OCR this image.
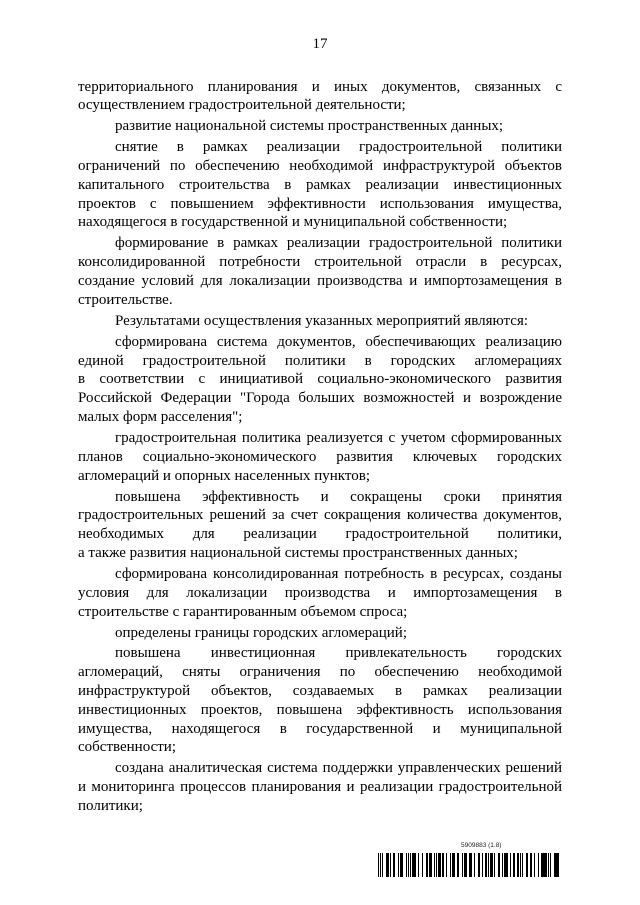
17
территориального планирования и иных документов, связанных с
осуществлением градостроительной деятельности;
развитие национальной системы пространственных данных;
снятие в рамках реализации градостроительной политики
ограничений по обеспечению необходимой инфраструктурой объектов
капитального строительства в рамках реализации инвестиционных
проектов с повышением эффективности использования имущества,
находящегося в государственной и муниципальной собственности;
формирование в рамках реализации градостроительной политики
консолидированной потребности строительной отрасли в ресурсах,
создание условий для локализации производства и импортозамещения в
строительстве.
Результатами осуществления указанных мероприятий являются:
сформирована система документов, обеспечивающих реализацию
единой градостроительной политики в городских агломерациях
в соответствии с инициативой социально-экономического развития
Российской Федерации "Города больших возможностей и возрождение
малых форм расселения";
градостроительная политика реализуется с учетом сформированных
планов социально-экономического развития ключевых городских
агломераций и опорных населенных пунктов;
повышена эффективность и сокращены сроки принятия
градостроительных решений за счет сокращения количества документов,
необходимых для реализации градостроительной политики,
а также развития национальной системы пространственных данных;
сформирована консолидированная потребность в ресурсах, созданы
условия для локализации производства и импортозамещения в
строительстве с гарантированным объемом спроса;
определены границы городских агломераций;
повышена инвестиционная привлекательность городских
агломераций, сняты ограничения по обеспечению необходимой
инфраструктурой объектов, создаваемых в рамках реализации
инвестиционных проектов, повышена эффективность использования
имущества, находящегося в государственной и муниципальной
собственности;
создана аналитическая система поддержки управленческих решений
и мониторинга процессов планирования и реализации градостроительной
политики;
5909883 (1.8)
